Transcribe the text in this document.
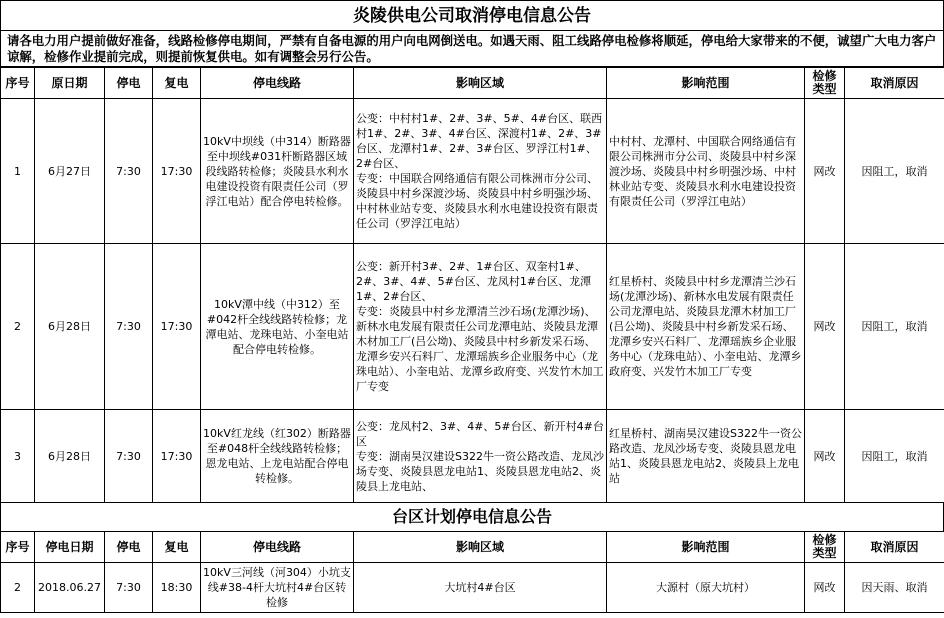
炎陵供电公司取消停电信息公告
请各电力用户提前做好准备，线路检修停电期间，严禁有自备电源的用户向电网倒送电。如遇天雨、阻工线路停电检修将顺延，停电给大家带来的不便，诚望广大电力客户谅解，检修作业提前完成，则提前恢复供电。如有调整会另行公告。
序号	原日期	停电	复电	停电线路	影响区域	影响范围	检修类型	取消原因
1	6月27日	7:30	17:30	10kV中坝线（中314）断路器至中坝线#031杆断路器区域段线路转检修；炎陵县水利水电建设投资有限责任公司（罗浮江电站）配合停电转检修。	公变：中村村1#、2#、3#、5#、4#台区、联西村1#、2#、3#、4#台区、深渡村1#、2#、3#台区、龙潭村1#、2#、3#台区、罗浮江村1#、2#台区、
专变：中国联合网络通信有限公司株洲市分公司、炎陵县中村乡深渡沙场、炎陵县中村乡明强沙场、中村林业站专变、炎陵县水利水电建设投资有限责任公司（罗浮江电站）	中村村、龙潭村、中国联合网络通信有限公司株洲市分公司、炎陵县中村乡深渡沙场、炎陵县中村乡明强沙场、中村林业站专变、炎陵县水利水电建设投资有限责任公司（罗浮江电站）	网改	因阻工，取消
2	6月28日	7:30	17:30	10kV潭中线（中312）至#042杆全线线路转检修；龙潭电站、龙珠电站、小奎电站配合停电转检修。	公变：新开村3#、2#、1#台区、双奎村1#、2#、3#、4#、5#台区、龙凤村1#台区、龙潭1#、2#台区、
专变：炎陵县中村乡龙潭清兰沙石场(龙潭沙场)、新林水电发展有限责任公司龙潭电站、炎陵县龙潭木材加工厂(吕公坳)、炎陵县中村乡新发采石场、龙潭乡安兴石料厂、龙潭瑶族乡企业服务中心（龙珠电站）、小奎电站、龙潭乡政府变、兴发竹木加工厂专变	红星桥村、炎陵县中村乡龙潭清兰沙石场(龙潭沙场)、新林水电发展有限责任公司龙潭电站、炎陵县龙潭木材加工厂(吕公坳)、炎陵县中村乡新发采石场、龙潭乡安兴石料厂、龙潭瑶族乡企业服务中心（龙珠电站）、小奎电站、龙潭乡政府变、兴发竹木加工厂专变	网改	因阻工，取消
3	6月28日	7:30	17:30	10kV红龙线（红302）断路器至#048杆全线线路转检修；恩龙电站、上龙电站配合停电转检修。	公变：龙凤村2、3#、4#、5#台区、新开村4#台区
专变：湖南昊汉建设S322牛一资公路改造、龙凤沙场专变、炎陵县恩龙电站1、炎陵县恩龙电站2、炎陵县上龙电站、	红星桥村、湖南昊汉建设S322牛一资公路改造、龙凤沙场专变、炎陵县恩龙电站1、炎陵县恩龙电站2、炎陵县上龙电站	网改	因阻工，取消
台区计划停电信息公告
序号	停电日期	停电	复电	停电线路	影响区域	影响范围	检修类型	取消原因
2	2018.06.27	7:30	18:30	10kV三河线（河304）小坑支线#38-4杆大坑村4#台区转检修	大坑村4#台区	大源村（原大坑村）	网改	因天雨、取消
